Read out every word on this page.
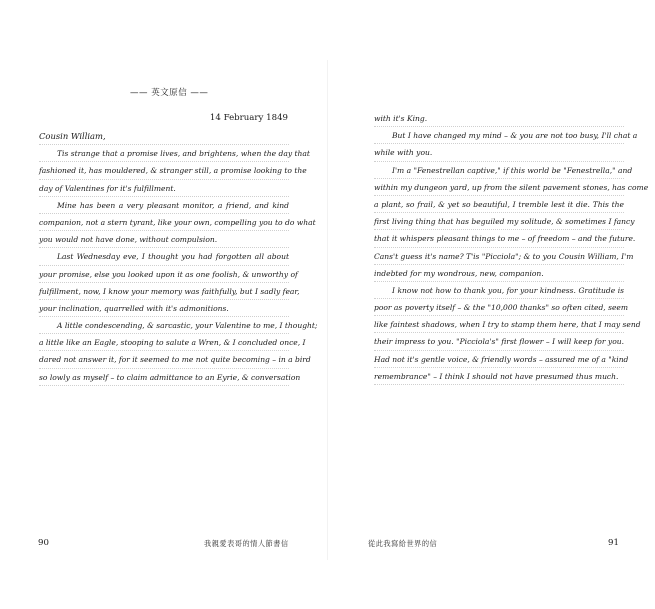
—— 英文原信 ——
14 February 1849
Cousin William,
Tis strange that a promise lives, and brightens, when the day that
fashioned it, has mouldered, & stranger still, a promise looking to the
day of Valentines for it's fulfillment.
Mine has been a very pleasant monitor, a friend, and kind
companion, not a stern tyrant, like your own, compelling you to do what
you would not have done, without compulsion.
Last Wednesday eve, I thought you had forgotten all about
your promise, else you looked upon it as one foolish, & unworthy of
fulfillment, now, I know your memory was faithfully, but I sadly fear,
your inclination, quarrelled with it's admonitions.
A little condescending, & sarcastic, your Valentine to me, I thought;
a little like an Eagle, stooping to salute a Wren, & I concluded once, I
dared not answer it, for it seemed to me not quite becoming – in a bird
so lowly as myself – to claim admittance to an Eyrie, & conversation
90	我親愛表哥的情人節書信
with it's King.
But I have changed my mind – & you are not too busy, I'll chat a
while with you.
I'm a "Fenestrellan captive," if this world be "Fenestrella," and
within my dungeon yard, up from the silent pavement stones, has come
a plant, so frail, & yet so beautiful, I tremble lest it die. This the
first living thing that has beguiled my solitude, & sometimes I fancy
that it whispers pleasant things to me – of freedom – and the future.
Cans't guess it's name? T'is "Picciola"; & to you Cousin William, I'm
indebted for my wondrous, new, companion.
I know not how to thank you, for your kindness. Gratitude is
poor as poverty itself – & the "10,000 thanks" so often cited, seem
like faintest shadows, when I try to stamp them here, that I may send
their impress to you. "Picciola's" first flower – I will keep for you.
Had not it's gentle voice, & friendly words – assured me of a "kind
remembrance" – I think I should not have presumed thus much.
從此我寫給世界的信	91
